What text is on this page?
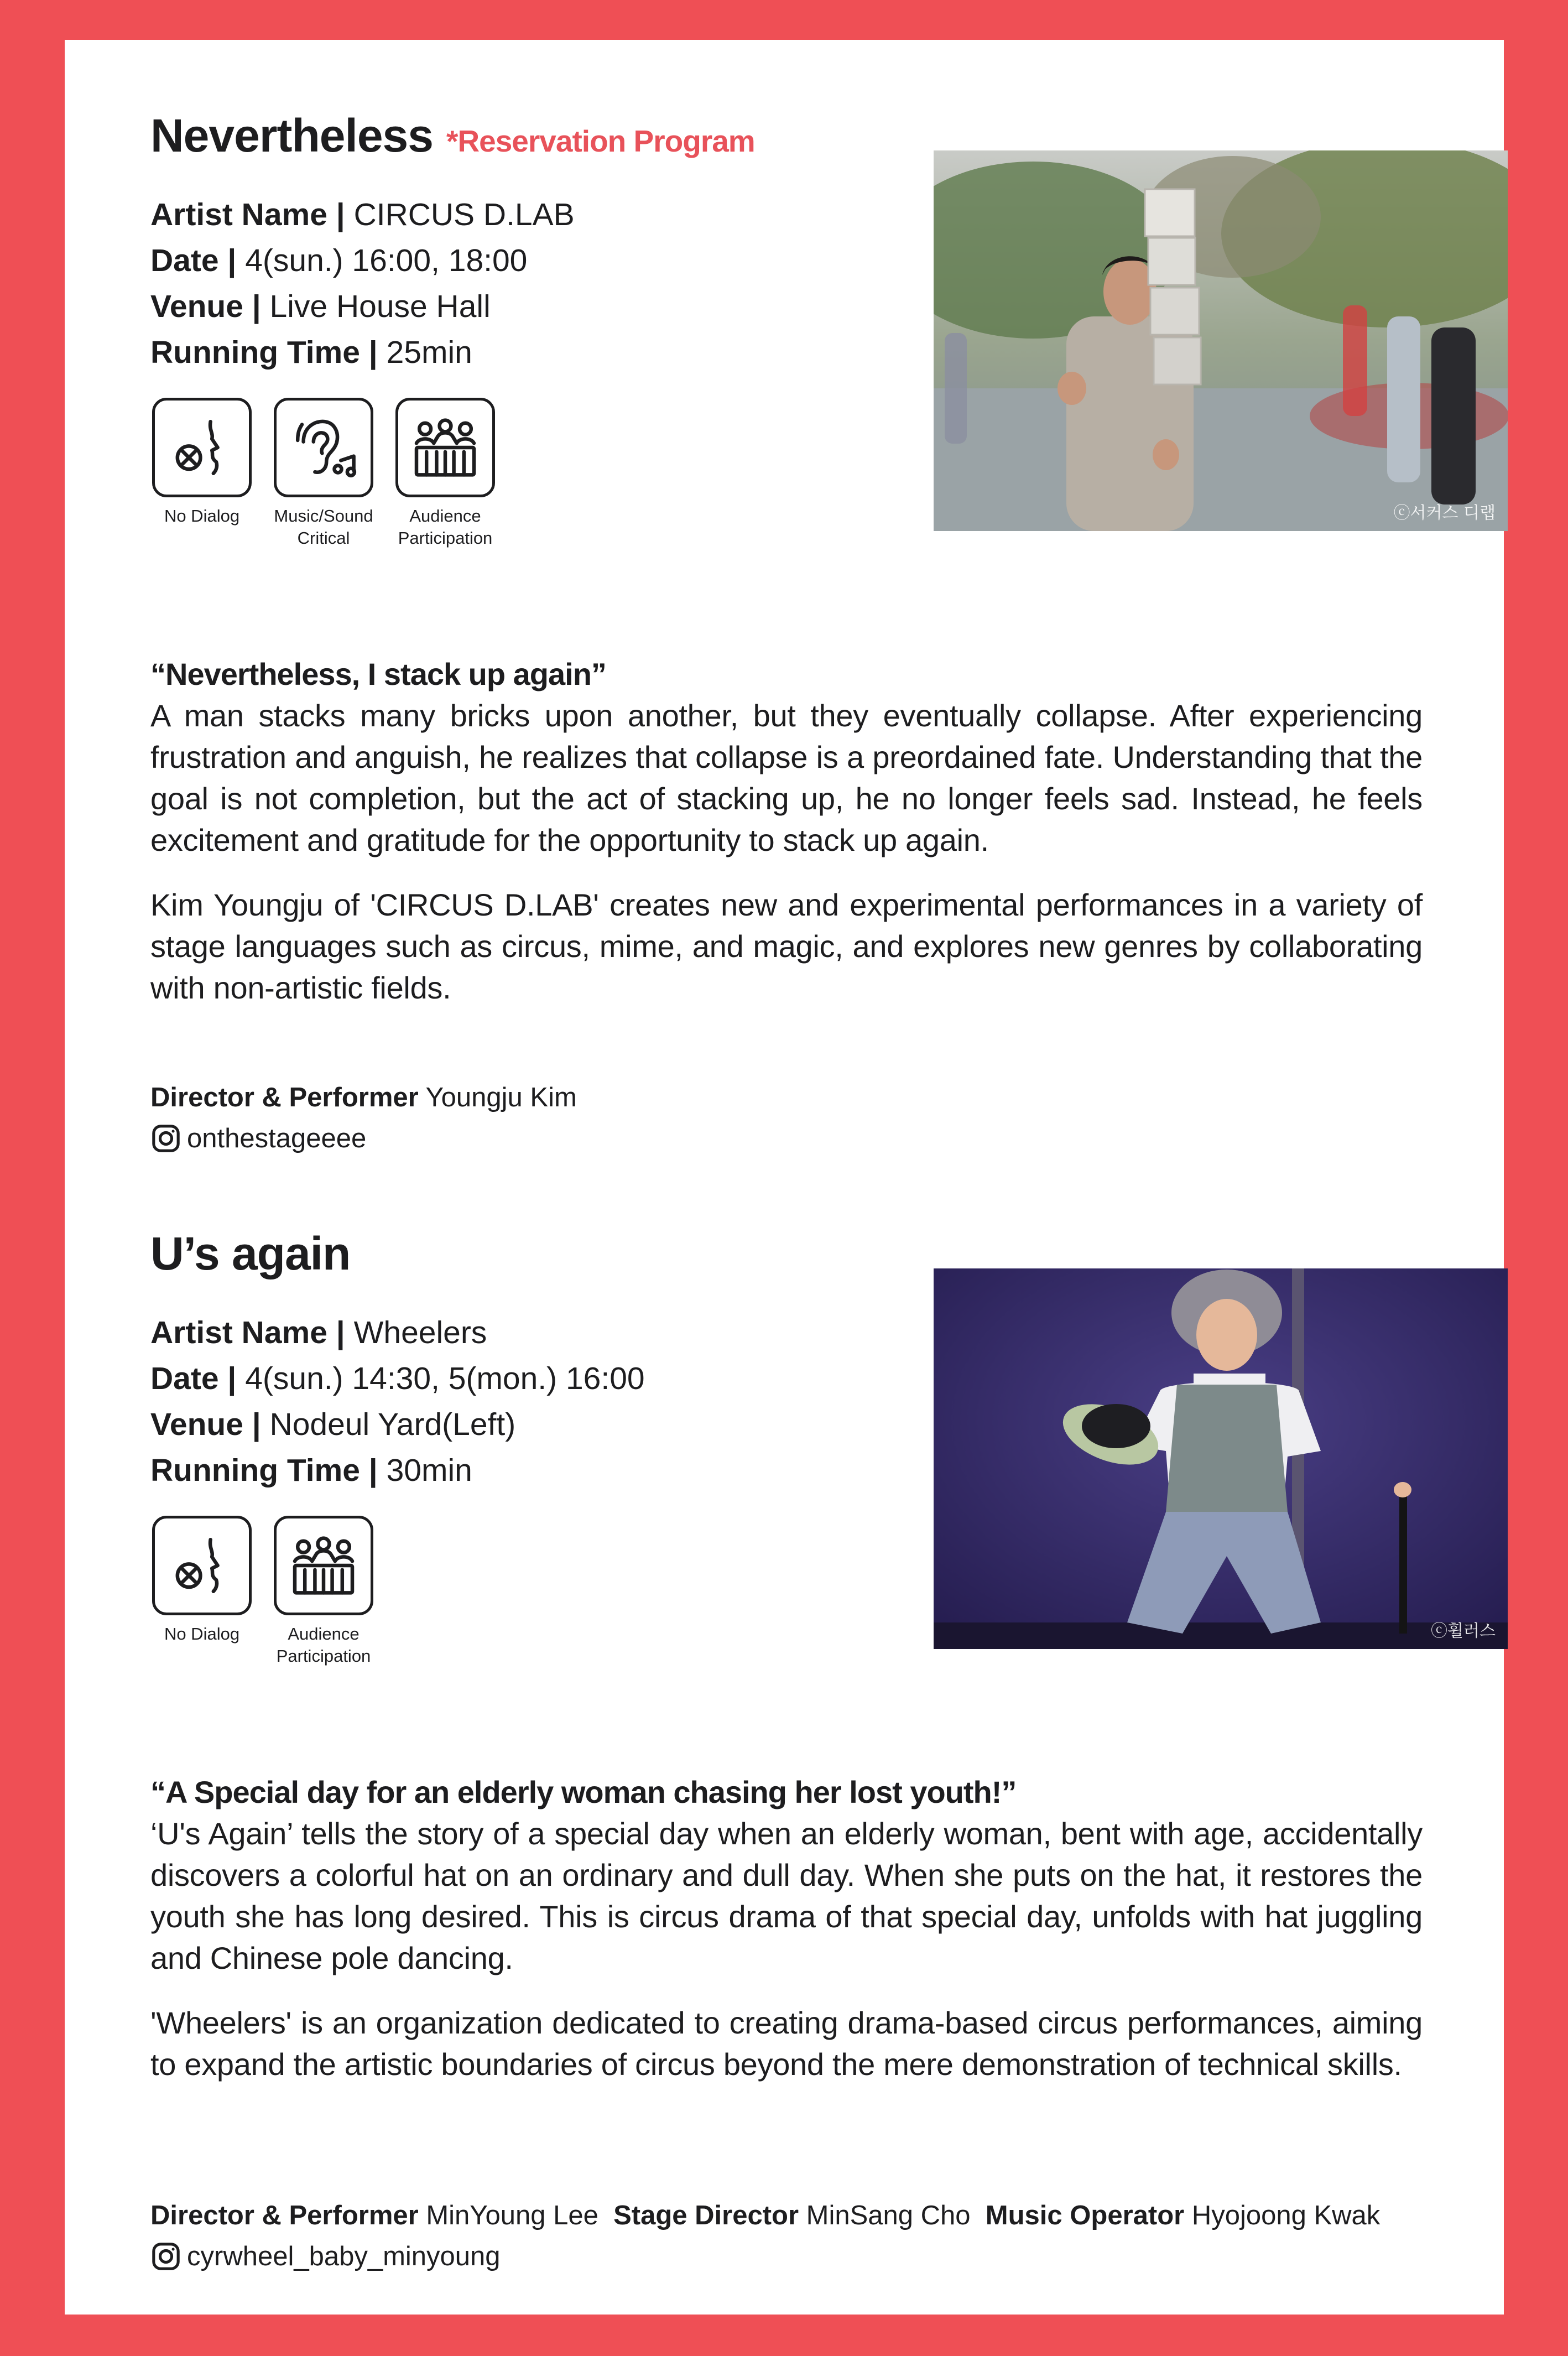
Nevertheless *Reservation Program
Artist Name | CIRCUS D.LAB
Date | 4(sun.) 16:00, 18:00
Venue | Live House Hall
Running Time | 25min
No Dialog	Music/Sound
Critical
Audience
Participation
ⓒ서커스 디랩
“Nevertheless, I stack up again”

A man stacks many bricks upon another, but they eventually collapse. After experiencing frustration and anguish, he realizes that collapse is a preordained fate. Understanding that the goal is not completion, but the act of stacking up, he no longer feels sad. Instead, he feels excitement and gratitude for the opportunity to stack up again.

Kim Youngju of 'CIRCUS D.LAB' creates new and experimental performances in a variety of stage languages such as circus, mime, and magic, and explores new genres by collaborating with non-artistic fields.

Director & Performer Youngju Kim
onthestageeee
U’s again
Artist Name | Wheelers
Date | 4(sun.) 14:30, 5(mon.) 16:00
Venue | Nodeul Yard(Left)
Running Time | 30min
No Dialog	Audience
Participation
ⓒ휠러스
“A Special day for an elderly woman chasing her lost youth!”

‘U's Again’ tells the story of a special day when an elderly woman, bent with age, accidentally discovers a colorful hat on an ordinary and dull day. When she puts on the hat, it restores the youth she has long desired. This is circus drama of that special day, unfolds with hat juggling and Chinese pole dancing.

'Wheelers' is an organization dedicated to creating drama-based circus performances, aiming to expand the artistic boundaries of circus beyond the mere demonstration of technical skills.

Director & Performer MinYoung Lee Stage Director MinSang Cho Music Operator Hyojoong Kwak
cyrwheel_baby_minyoung
